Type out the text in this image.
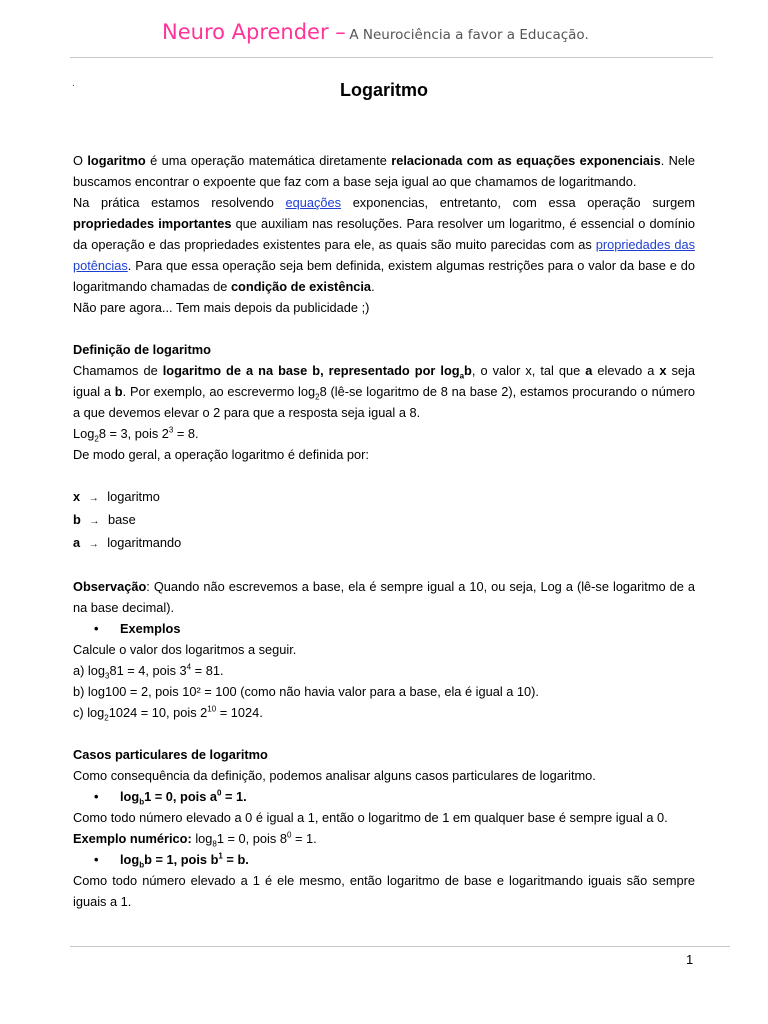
Neuro Aprender – A Neurociência a favor a Educação.
.	Logaritmo

O logaritmo é uma operação matemática diretamente relacionada com as equações exponenciais. Nele buscamos encontrar o expoente que faz com a base seja igual ao que chamamos de logaritmando.

Na prática estamos resolvendo equações exponencias, entretanto, com essa operação surgem propriedades importantes que auxiliam nas resoluções. Para resolver um logaritmo, é essencial o domínio da operação e das propriedades existentes para ele, as quais são muito parecidas com as propriedades das potências. Para que essa operação seja bem definida, existem algumas restrições para o valor da base e do logaritmando chamadas de condição de existência.

Não pare agora... Tem mais depois da publicidade ;)

Definição de logaritmo

Chamamos de logaritmo de a na base b, representado por $\log_ab$, o valor x, tal que a elevado a x seja igual a b. Por exemplo, ao escrevermo $\log_28$ (lê-se logaritmo de 8 na base 2), estamos procurando o número a que devemos elevar o 2 para que a resposta seja igual a 8.

Log$_2$8 = 3, pois $2^3 = 8$.

De modo geral, a operação logaritmo é definida por:

x → logaritmo

b → base

a → logaritmando

Observação: Quando não escrevemos a base, ela é sempre igual a 10, ou seja, Log a (lê-se logaritmo de a na base decimal).

• Exemplos

Calcule o valor dos logaritmos a seguir.

a) $\log_381 = 4$, pois $3^4 = 81$.

b) log100 = 2, pois 10² = 100 (como não havia valor para a base, ela é igual a 10).

c) $\log_21024 = 10$, pois $2^{10} = 1024$.

Casos particulares de logaritmo

Como consequência da definição, podemos analisar alguns casos particulares de logaritmo.

• $\log_b1 = 0$, pois $a^0 = 1$.

Como todo número elevado a 0 é igual a 1, então o logaritmo de 1 em qualquer base é sempre igual a 0.

Exemplo numérico: $\log_81 = 0$, pois $8^0 = 1$.

• $\log_bb = 1$, pois $b^1 = b$.

Como todo número elevado a 1 é ele mesmo, então logaritmo de base e logaritmando iguais são sempre iguais a 1.

1
